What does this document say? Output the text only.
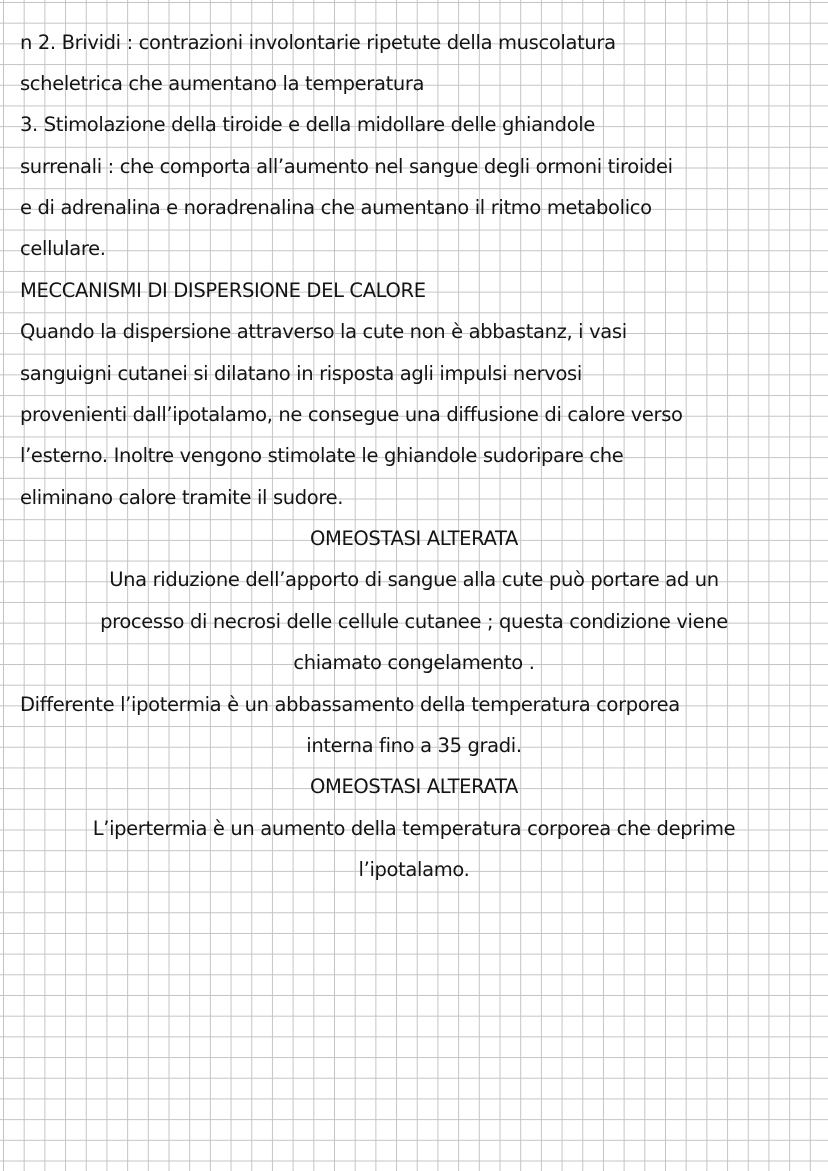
n 2. Brividi : contrazioni involontarie ripetute della muscolatura
scheletrica che aumentano la temperatura
3. Stimolazione della tiroide e della midollare delle ghiandole
surrenali : che comporta all’aumento nel sangue degli ormoni tiroidei
e di adrenalina e noradrenalina che aumentano il ritmo metabolico
cellulare.
MECCANISMI DI DISPERSIONE DEL CALORE
Quando la dispersione attraverso la cute non è abbastanz, i vasi
sanguigni cutanei si dilatano in risposta agli impulsi nervosi
provenienti dall’ipotalamo, ne consegue una diffusione di calore verso
l’esterno. Inoltre vengono stimolate le ghiandole sudoripare che
eliminano calore tramite il sudore.
OMEOSTASI ALTERATA
Una riduzione dell’apporto di sangue alla cute può portare ad un
processo di necrosi delle cellule cutanee ; questa condizione viene
chiamato congelamento .
Differente l’ipotermia è un abbassamento della temperatura corporea
interna fino a 35 gradi.
OMEOSTASI ALTERATA
L’ipertermia è un aumento della temperatura corporea che deprime
l’ipotalamo.
